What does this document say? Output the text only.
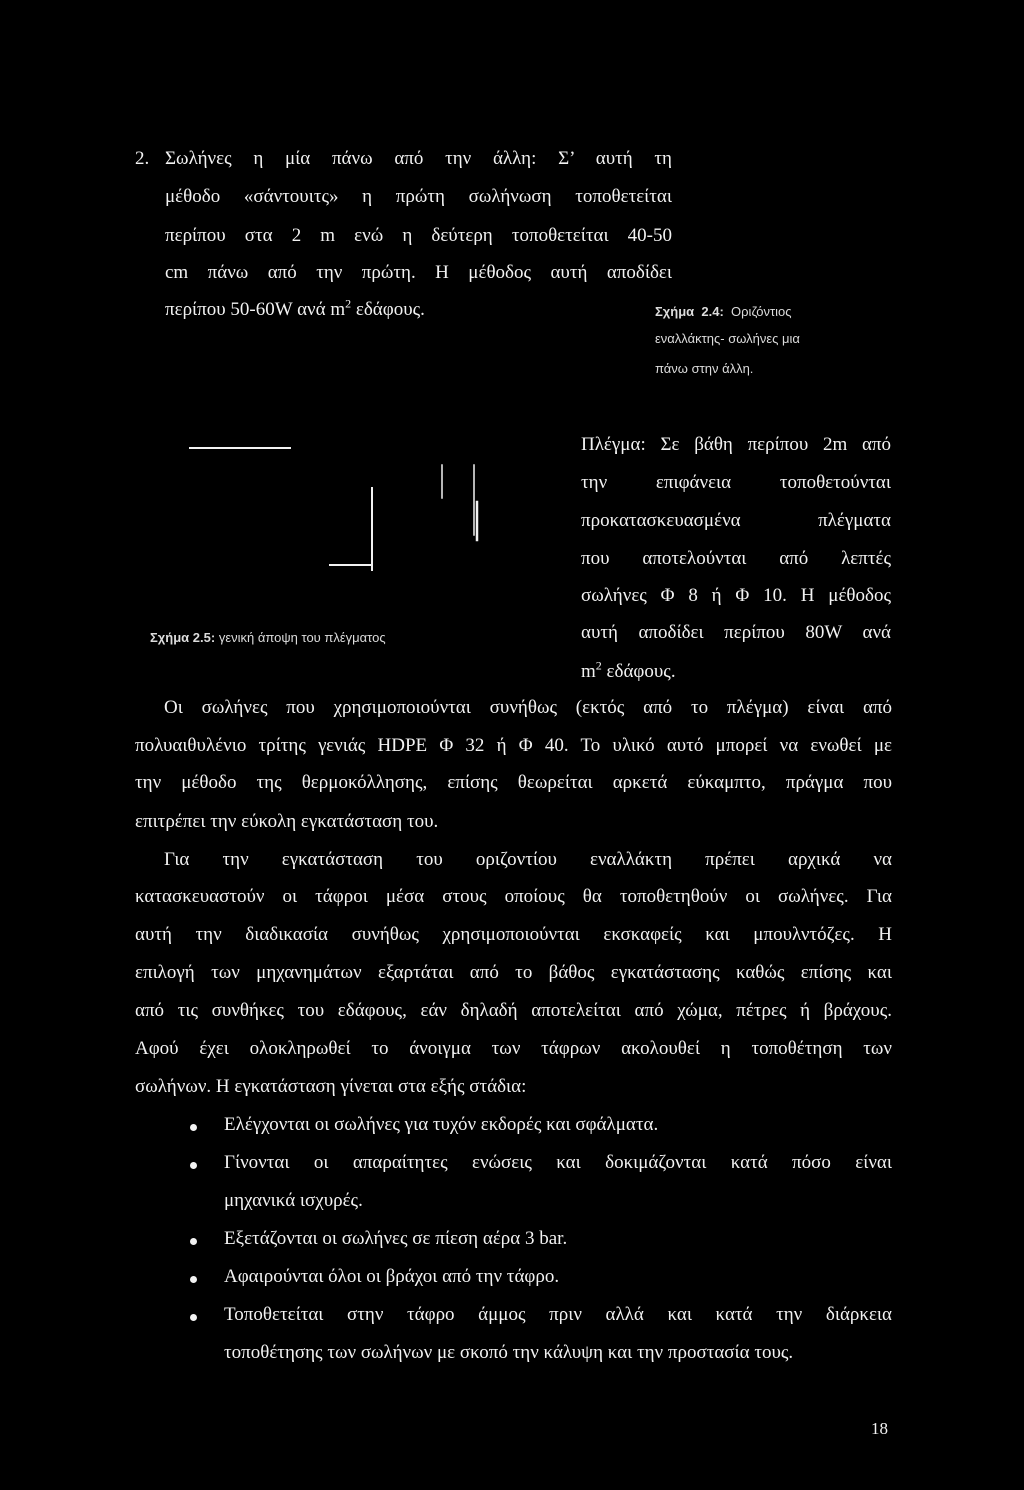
2. Σωλήνες η μία πάνω από την άλλη: Σ’ αυτή τη
μέθοδο «σάντουιτς» η πρώτη σωλήνωση τοποθετείται
περίπου στα 2 m ενώ η δεύτερη τοποθετείται 40-50
cm πάνω από την πρώτη. Η μέθοδος αυτή αποδίδει
περίπου 50-60W ανά $m^2$ εδάφους.	Σχήμα 2.4: Οριζόντιος
εναλλάκτης- σωλήνες μια
πάνω στην άλλη.
Σχήμα 2.5: γενική άποψη του πλέγματος
Πλέγμα: Σε βάθη περίπου 2m από
την επιφάνεια τοποθετούνται
προκατασκευασμένα πλέγματα
που αποτελούνται από λεπτές
σωλήνες Φ 8 ή Φ 10. Η μέθοδος
αυτή αποδίδει περίπου 80W ανά
$m^2$ εδάφους.
Οι σωλήνες που χρησιμοποιούνται συνήθως (εκτός από το πλέγμα) είναι από
πολυαιθυλένιο τρίτης γενιάς HDPE Φ 32 ή Φ 40. Το υλικό αυτό μπορεί να ενωθεί με
την μέθοδο της θερμοκόλλησης, επίσης θεωρείται αρκετά εύκαμπτο, πράγμα που
επιτρέπει την εύκολη εγκατάσταση του.
Για την εγκατάσταση του οριζοντίου εναλλάκτη πρέπει αρχικά να
κατασκευαστούν οι τάφροι μέσα στους οποίους θα τοποθετηθούν οι σωλήνες. Για
αυτή την διαδικασία συνήθως χρησιμοποιούνται εκσκαφείς και μπουλντόζες. Η
επιλογή των μηχανημάτων εξαρτάται από το βάθος εγκατάστασης καθώς επίσης και
από τις συνθήκες του εδάφους, εάν δηλαδή αποτελείται από χώμα, πέτρες ή βράχους.
Αφού έχει ολοκληρωθεί το άνοιγμα των τάφρων ακολουθεί η τοποθέτηση των
σωλήνων. Η εγκατάσταση γίνεται στα εξής στάδια:
Ελέγχονται οι σωλήνες για τυχόν εκδορές και σφάλματα.
Γίνονται οι απαραίτητες ενώσεις και δοκιμάζονται κατά πόσο είναι
μηχανικά ισχυρές.
Εξετάζονται οι σωλήνες σε πίεση αέρα 3 bar.
Αφαιρούνται όλοι οι βράχοι από την τάφρο.
Τοποθετείται στην τάφρο άμμος πριν αλλά και κατά την διάρκεια
τοποθέτησης των σωλήνων με σκοπό την κάλυψη και την προστασία τους.
18
